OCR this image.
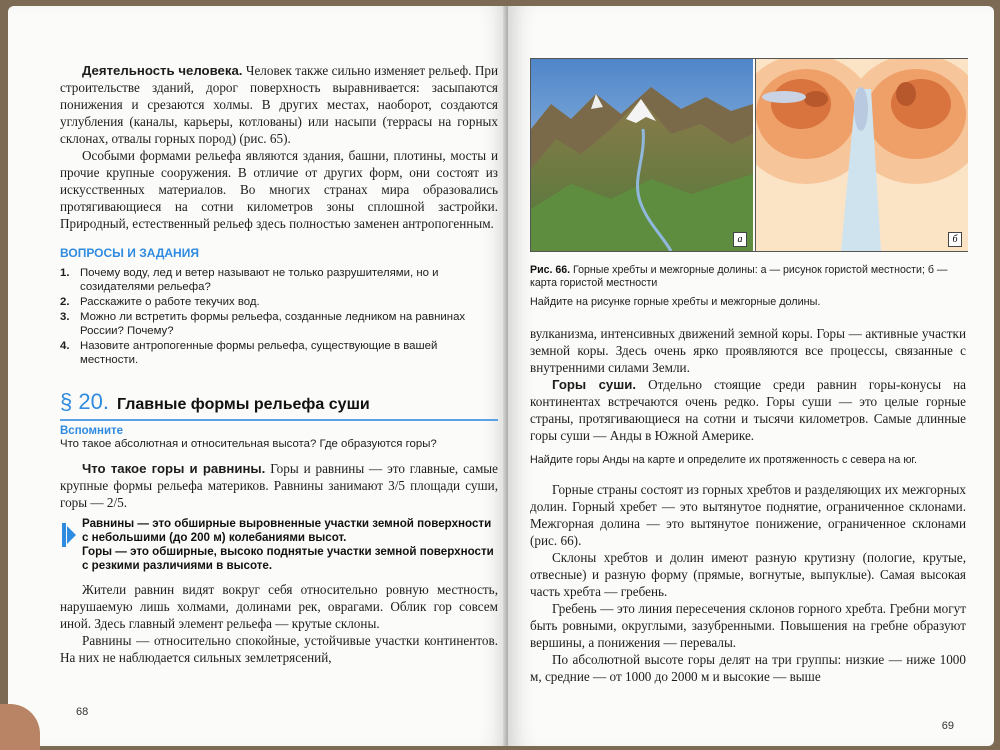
Деятельность человека. Человек также сильно изменяет рельеф. При строительстве зданий, дорог поверхность выравнивается: засыпаются понижения и срезаются холмы. В других местах, наоборот, создаются углубления (каналы, карьеры, котлованы) или насыпи (террасы на горных склонах, отвалы горных пород) (рис. 65).

Особыми формами рельефа являются здания, башни, плотины, мосты и прочие крупные сооружения. В отличие от других форм, они состоят из искусственных материалов. Во многих странах мира образовались протягивающиеся на сотни километров зоны сплошной застройки. Природный, естественный рельеф здесь полностью заменен антропогенным.

ВОПРОСЫ И ЗАДАНИЯ
1. Почему воду, лед и ветер называют не только разрушителями, но и созидателями рельефа?
2. Расскажите о работе текучих вод.
3. Можно ли встретить формы рельефа, созданные ледником на равнинах России? Почему?
4. Назовите антропогенные формы рельефа, существующие в вашей местности.
§ 20. Главные формы рельефа суши
Вспомните
Что такое абсолютная и относительная высота? Где образуются горы?

Что такое горы и равнины. Горы и равнины — это главные, самые крупные формы рельефа материков. Равнины занимают 3/5 площади суши, горы — 2/5.

Равнины — это обширные выровненные участки земной поверхности с небольшими (до 200 м) колебаниями высот.
Горы — это обширные, высоко поднятые участки земной поверхности с резкими различиями в высоте.

Жители равнин видят вокруг себя относительно ровную местность, нарушаемую лишь холмами, долинами рек, оврагами. Облик гор совсем иной. Здесь главный элемент рельефа — крутые склоны.

Равнины — относительно спокойные, устойчивые участки континентов. На них не наблюдается сильных землетрясений,

68
а	б
Рис. 66. Горные хребты и межгорные долины: а — рисунок гористой местности; б — карта гористой местности
Найдите на рисунке горные хребты и межгорные долины.

вулканизма, интенсивных движений земной коры. Горы — активные участки земной коры. Здесь очень ярко проявляются все процессы, связанные с внутренними силами Земли.

Горы суши. Отдельно стоящие среди равнин горы-конусы на континентах встречаются очень редко. Горы суши — это целые горные страны, протягивающиеся на сотни и тысячи километров. Самые длинные горы суши — Анды в Южной Америке.

Найдите горы Анды на карте и определите их протяженность с севера на юг.

Горные страны состоят из горных хребтов и разделяющих их межгорных долин. Горный хребет — это вытянутое поднятие, ограниченное склонами. Межгорная долина — это вытянутое понижение, ограниченное склонами (рис. 66).

Склоны хребтов и долин имеют разную крутизну (пологие, крутые, отвесные) и разную форму (прямые, вогнутые, выпуклые). Самая высокая часть хребта — гребень.

Гребень — это линия пересечения склонов горного хребта. Гребни могут быть ровными, округлыми, зазубренными. Повышения на гребне образуют вершины, а понижения — перевалы.

По абсолютной высоте горы делят на три группы: низкие — ниже 1000 м, средние — от 1000 до 2000 м и высокие — выше

69
